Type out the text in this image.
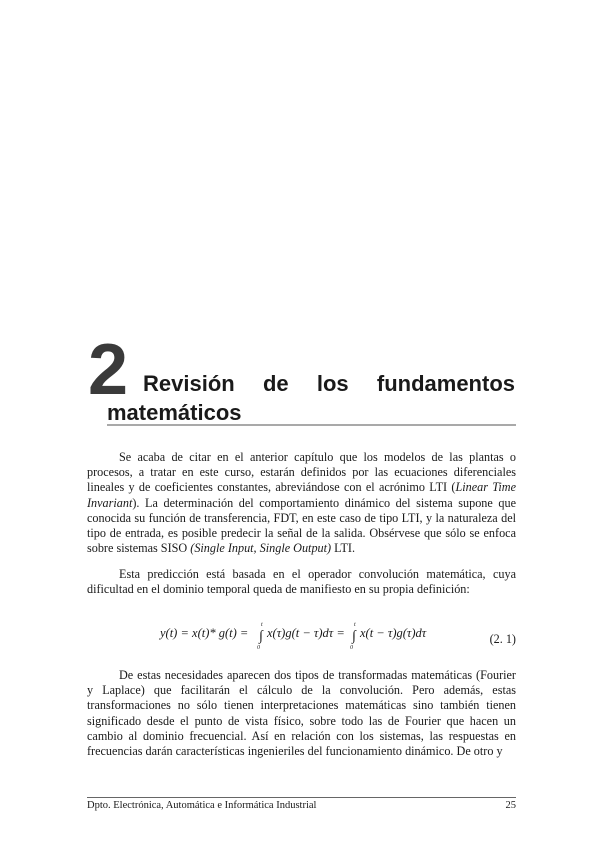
2 Revisión de los fundamentos
matemáticos

Se acaba de citar en el anterior capítulo que los modelos de las plantas o procesos, a tratar en este curso, estarán definidos por las ecuaciones diferenciales lineales y de coeficientes constantes, abreviándose con el acrónimo LTI (Linear Time Invariant). La determinación del comportamiento dinámico del sistema supone que conocida su función de transferencia, FDT, en este caso de tipo LTI, y la naturaleza del tipo de entrada, es posible predecir la señal de la salida. Obsérvese que sólo se enfoca sobre sistemas SISO (Single Input, Single Output) LTI.

Esta predicción está basada en el operador convolución matemática, cuya dificultad en el dominio temporal queda de manifiesto en su propia definición:

y(t) = x(t)* g(t) =
t
∫
0
x(τ)g(t − τ)dτ =
t
∫
0
x(t − τ)g(τ)dτ	(2. 1)

De estas necesidades aparecen dos tipos de transformadas matemáticas (Fourier y Laplace) que facilitarán el cálculo de la convolución. Pero además, estas transformaciones no sólo tienen interpretaciones matemáticas sino también tienen significado desde el punto de vista físico, sobre todo las de Fourier que hacen un cambio al dominio frecuencial. Así en relación con los sistemas, las respuestas en frecuencias darán características ingenieriles del funcionamiento dinámico. De otro y

Dpto. Electrónica, Automática e Informática Industrial	25
